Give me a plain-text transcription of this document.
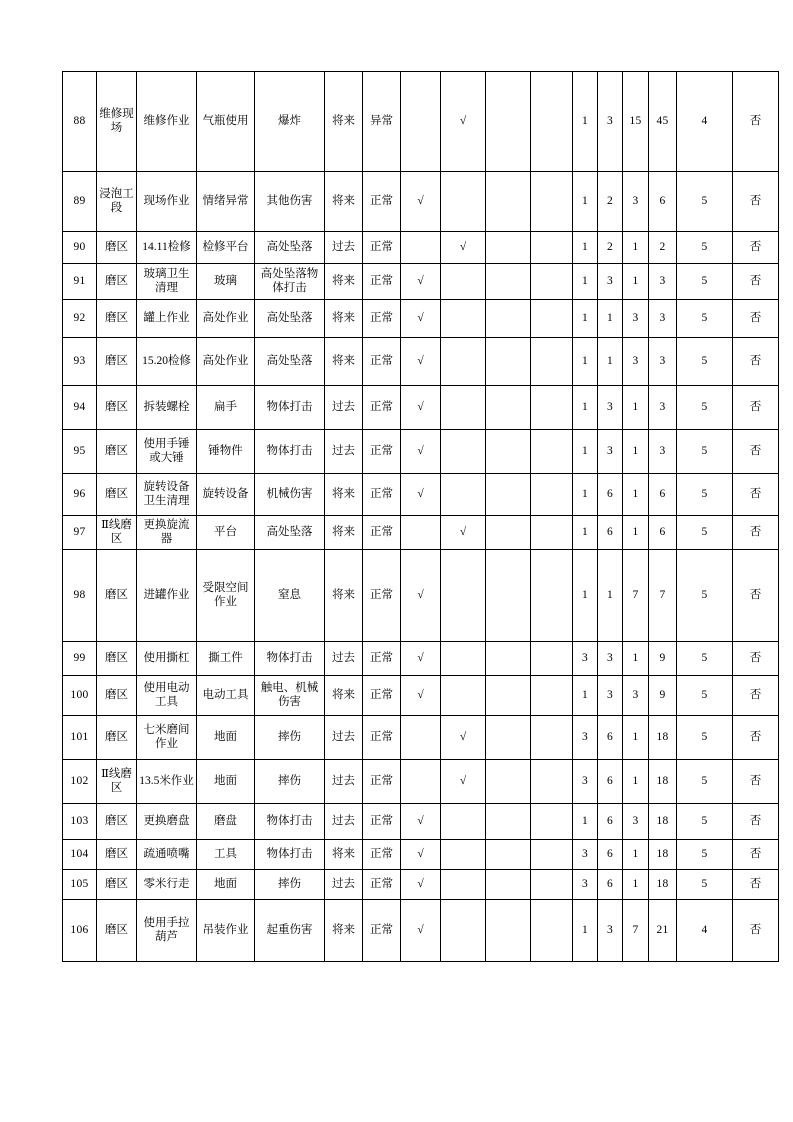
88	维修现场	维修作业	气瓶使用	爆炸	将来	异常		√			1	3	15	45	4	否
89	浸泡工段	现场作业	情绪异常	其他伤害	将来	正常	√				1	2	3	6	5	否
90	磨区	14.11检修	检修平台	高处坠落	过去	正常		√			1	2	1	2	5	否
91	磨区	玻璃卫生清理	玻璃	高处坠落物体打击	将来	正常	√				1	3	1	3	5	否
92	磨区	罐上作业	高处作业	高处坠落	将来	正常	√				1	1	3	3	5	否
93	磨区	15.20检修	高处作业	高处坠落	将来	正常	√				1	1	3	3	5	否
94	磨区	拆装螺栓	扁手	物体打击	过去	正常	√				1	3	1	3	5	否
95	磨区	使用手锤或大锤	锤物件	物体打击	过去	正常	√				1	3	1	3	5	否
96	磨区	旋转设备卫生清理	旋转设备	机械伤害	将来	正常	√				1	6	1	6	5	否
97	Ⅱ线磨区	更换旋流器	平台	高处坠落	将来	正常		√			1	6	1	6	5	否
98	磨区	进罐作业	受限空间作业	窒息	将来	正常	√				1	1	7	7	5	否
99	磨区	使用撕杠	撕工件	物体打击	过去	正常	√				3	3	1	9	5	否
100	磨区	使用电动工具	电动工具	触电、机械伤害	将来	正常	√				1	3	3	9	5	否
101	磨区	七米磨间作业	地面	摔伤	过去	正常		√			3	6	1	18	5	否
102	Ⅱ线磨区	13.5米作业	地面	摔伤	过去	正常		√			3	6	1	18	5	否
103	磨区	更换磨盘	磨盘	物体打击	过去	正常	√				1	6	3	18	5	否
104	磨区	疏通喷嘴	工具	物体打击	将来	正常	√				3	6	1	18	5	否
105	磨区	零米行走	地面	摔伤	过去	正常	√				3	6	1	18	5	否
106	磨区	使用手拉葫芦	吊装作业	起重伤害	将来	正常	√				1	3	7	21	4	否
